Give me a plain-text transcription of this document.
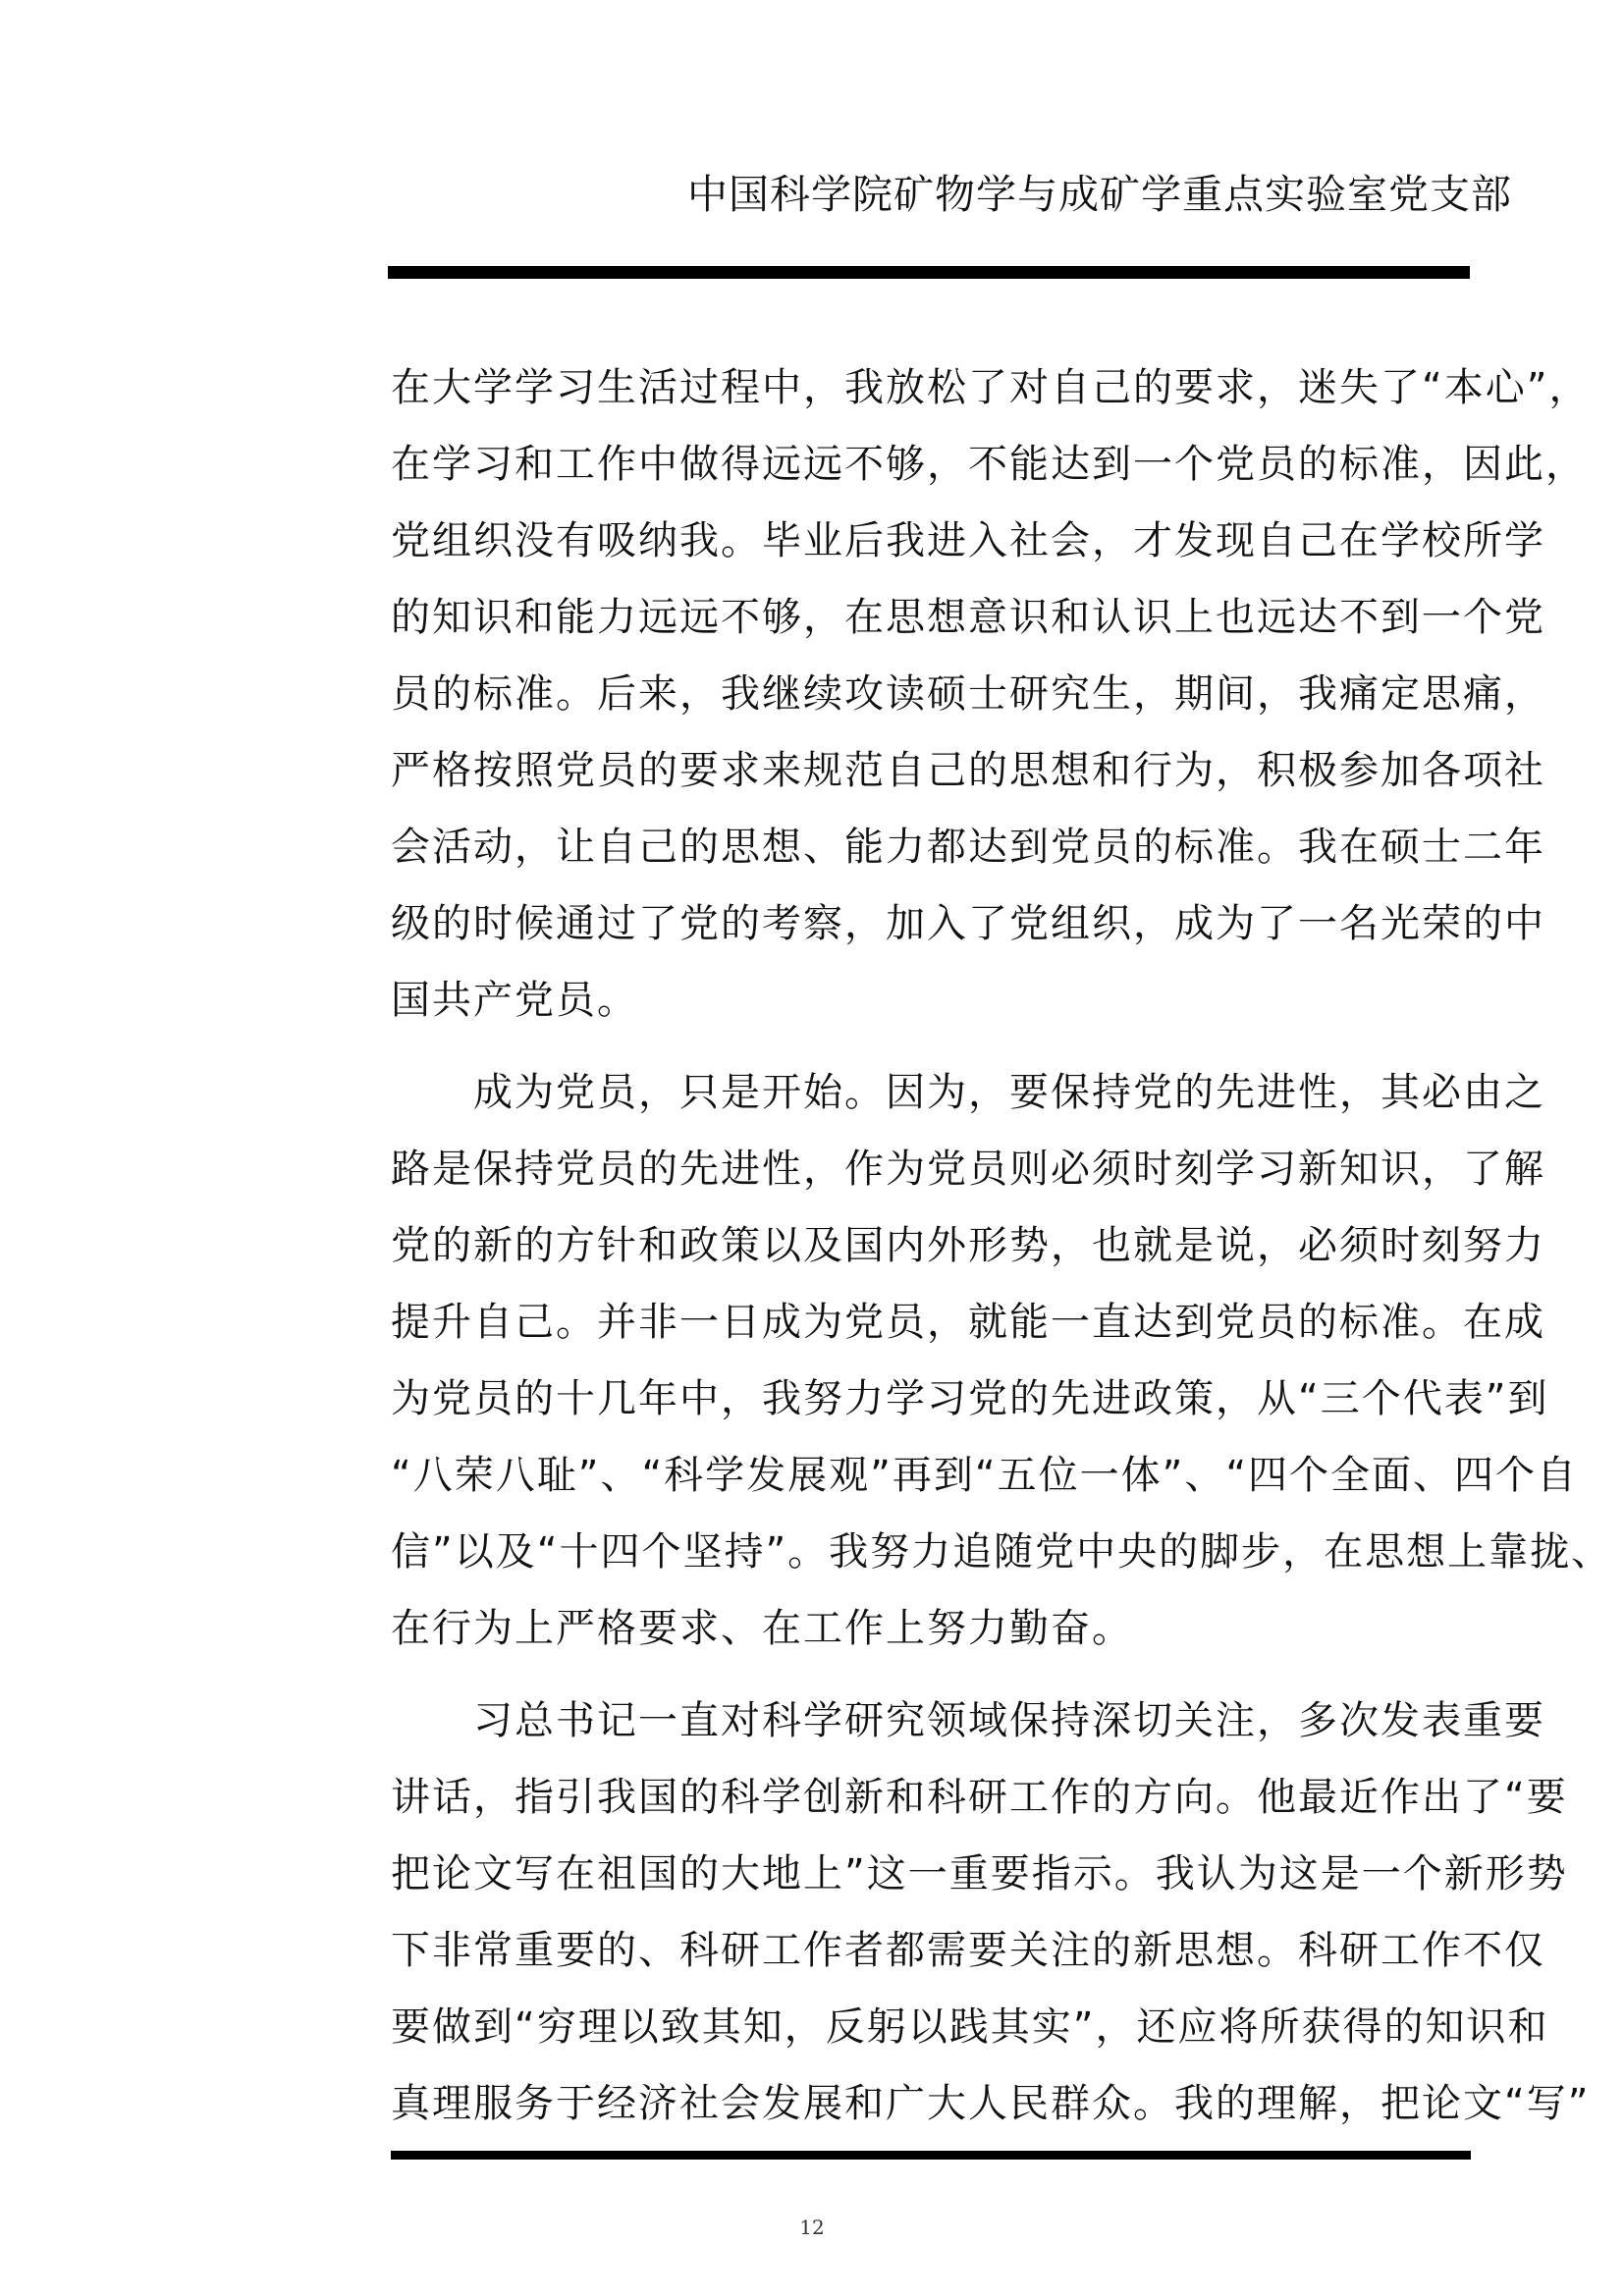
中国科学院矿物学与成矿学重点实验室党支部
在大学学习生活过程中，我放松了对自己的要求，迷失了“本心”，
在学习和工作中做得远远不够，不能达到一个党员的标准，因此，
党组织没有吸纳我。毕业后我进入社会，才发现自己在学校所学
的知识和能力远远不够，在思想意识和认识上也远达不到一个党
员的标准。后来，我继续攻读硕士研究生，期间，我痛定思痛，
严格按照党员的要求来规范自己的思想和行为，积极参加各项社
会活动，让自己的思想、能力都达到党员的标准。我在硕士二年
级的时候通过了党的考察，加入了党组织，成为了一名光荣的中
国共产党员。
　　成为党员，只是开始。因为，要保持党的先进性，其必由之
路是保持党员的先进性，作为党员则必须时刻学习新知识，了解
党的新的方针和政策以及国内外形势，也就是说，必须时刻努力
提升自己。并非一日成为党员，就能一直达到党员的标准。在成
为党员的十几年中，我努力学习党的先进政策，从“三个代表”到
“八荣八耻”、“科学发展观”再到“五位一体”、“四个全面、四个自
信”以及“十四个坚持”。我努力追随党中央的脚步，在思想上靠拢、
在行为上严格要求、在工作上努力勤奋。
　　习总书记一直对科学研究领域保持深切关注，多次发表重要
讲话，指引我国的科学创新和科研工作的方向。他最近作出了“要
把论文写在祖国的大地上”这一重要指示。我认为这是一个新形势
下非常重要的、科研工作者都需要关注的新思想。科研工作不仅
要做到“穷理以致其知，反躬以践其实”，还应将所获得的知识和
真理服务于经济社会发展和广大人民群众。我的理解，把论文“写”
12
